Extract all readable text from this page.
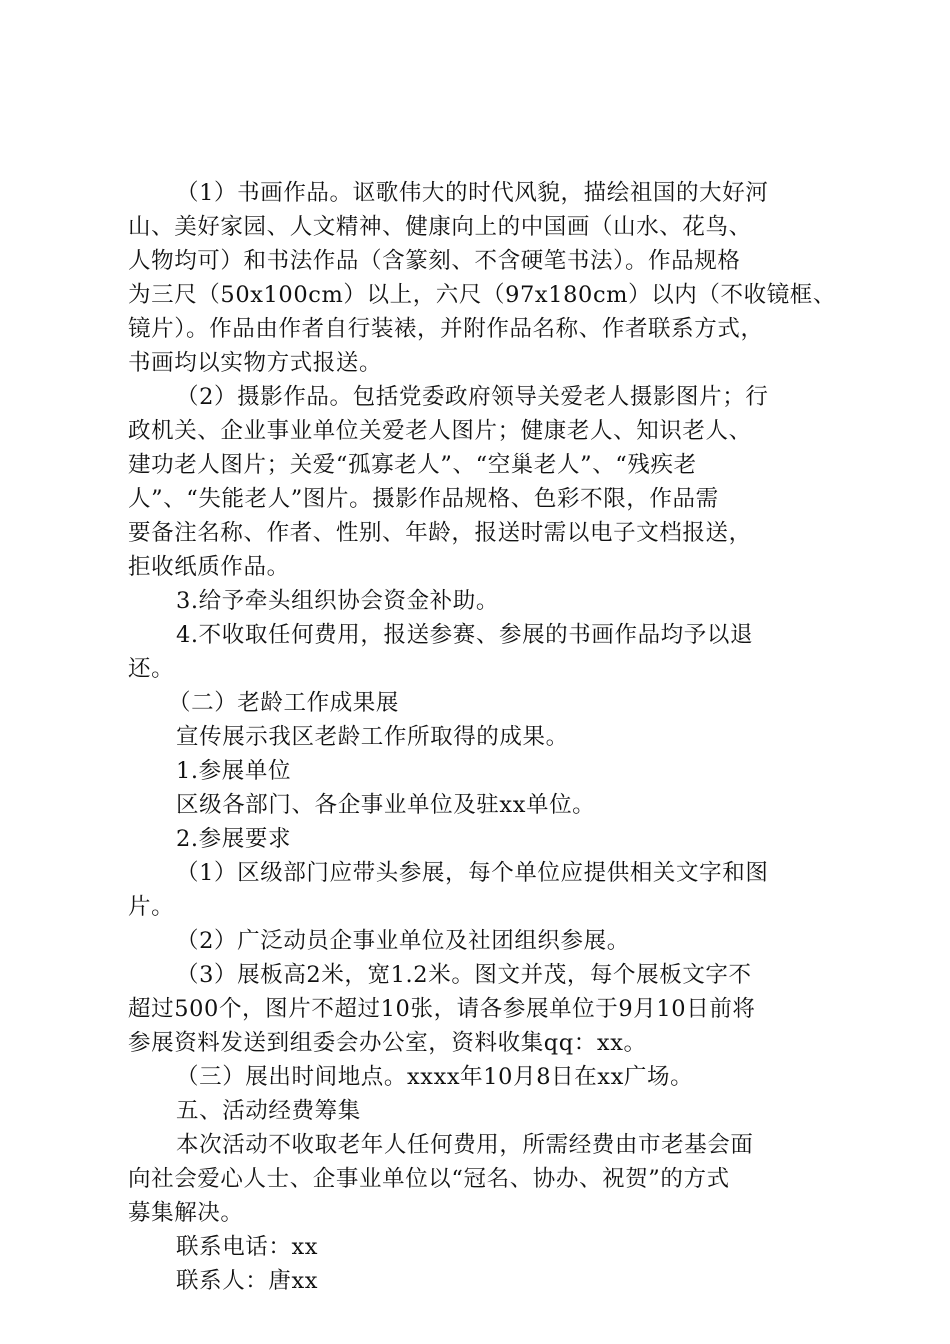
（1）书画作品。讴歌伟大的时代风貌，描绘祖国的大好河
山、美好家园、人文精神、健康向上的中国画（山水、花鸟、
人物均可）和书法作品（含篆刻、不含硬笔书法）。作品规格
为三尺（50x100cm）以上，六尺（97x180cm）以内（不收镜框、
镜片）。作品由作者自行装裱，并附作品名称、作者联系方式，
书画均以实物方式报送。
（2）摄影作品。包括党委政府领导关爱老人摄影图片；行
政机关、企业事业单位关爱老人图片；健康老人、知识老人、
建功老人图片；关爱“孤寡老人”、“空巢老人”、“残疾老
人”、“失能老人”图片。摄影作品规格、色彩不限，作品需
要备注名称、作者、性别、年龄，报送时需以电子文档报送，
拒收纸质作品。
3.给予牵头组织协会资金补助。
4.不收取任何费用，报送参赛、参展的书画作品均予以退
还。
（二）老龄工作成果展
宣传展示我区老龄工作所取得的成果。
1.参展单位
区级各部门、各企事业单位及驻xx单位。
2.参展要求
（1）区级部门应带头参展，每个单位应提供相关文字和图
片。
（2）广泛动员企事业单位及社团组织参展。
（3）展板高2米，宽1.2米。图文并茂，每个展板文字不
超过500个，图片不超过10张，请各参展单位于9月10日前将
参展资料发送到组委会办公室，资料收集qq：xx。
（三）展出时间地点。xxxx年10月8日在xx广场。
五、活动经费筹集
本次活动不收取老年人任何费用，所需经费由市老基会面
向社会爱心人士、企事业单位以“冠名、协办、祝贺”的方式
募集解决。
联系电话：xx
联系人：唐xx
